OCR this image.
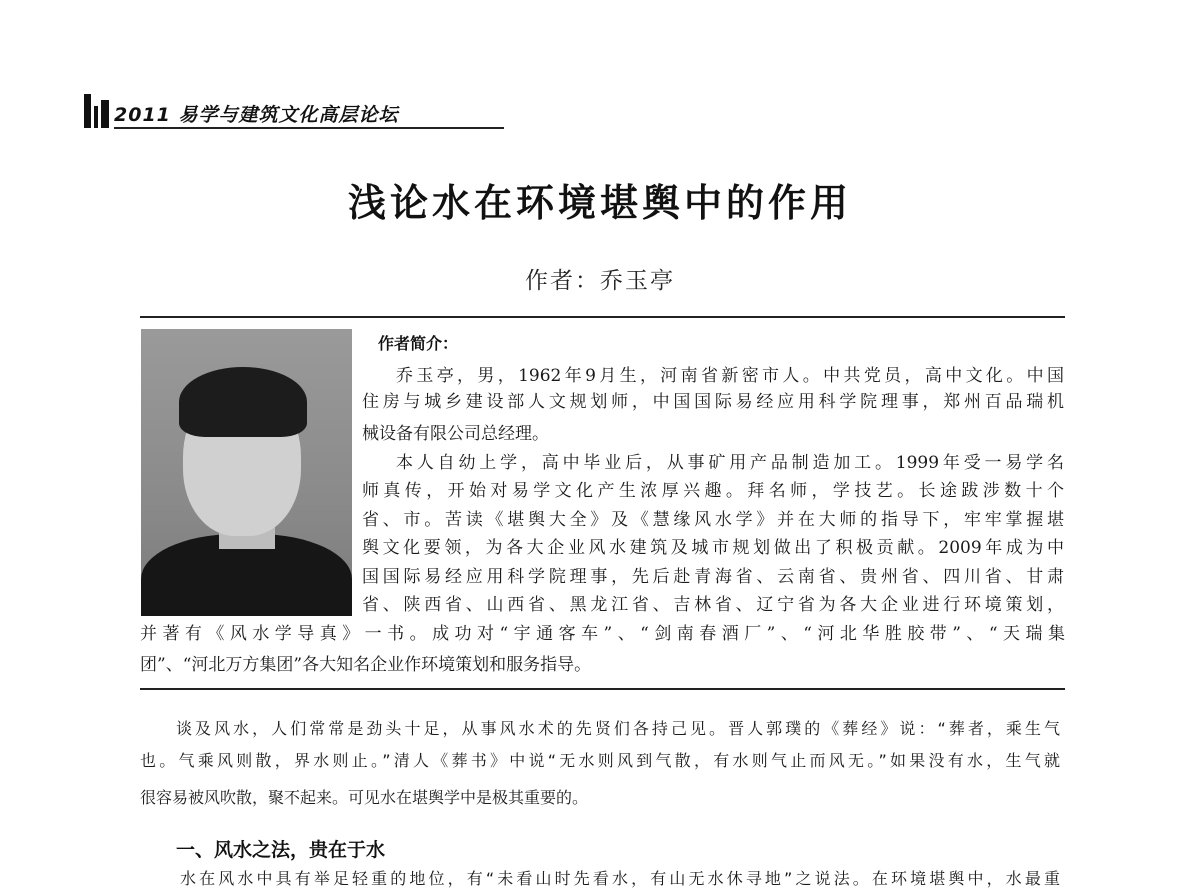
2011 易学与建筑文化高层论坛
浅论水在环境堪舆中的作用
作者：乔玉亭
作者简介：
乔玉亭，男，1962年9月生，河南省新密市人。中共党员，高中文化。中国
住房与城乡建设部人文规划师，中国国际易经应用科学院理事，郑州百品瑞机
械设备有限公司总经理。
本人自幼上学，高中毕业后，从事矿用产品制造加工。1999年受一易学名
师真传，开始对易学文化产生浓厚兴趣。拜名师，学技艺。长途跋涉数十个
省、市。苦读《堪舆大全》及《慧缘风水学》并在大师的指导下，牢牢掌握堪
舆文化要领，为各大企业风水建筑及城市规划做出了积极贡献。2009年成为中
国国际易经应用科学院理事，先后赴青海省、云南省、贵州省、四川省、甘肃
省、陕西省、山西省、黑龙江省、吉林省、辽宁省为各大企业进行环境策划，
并著有《风水学导真》一书。成功对“宇通客车”、“剑南春酒厂”、“河北华胜胶带”、“天瑞集
团”、“河北万方集团”各大知名企业作环境策划和服务指导。
谈及风水，人们常常是劲头十足，从事风水术的先贤们各持己见。晋人郭璞的《葬经》说：“葬者，乘生气
也。气乘风则散，界水则止。”清人《葬书》中说“无水则风到气散，有水则气止而风无。”如果没有水，生气就
很容易被风吹散，聚不起来。可见水在堪舆学中是极其重要的。
一、风水之法，贵在于水
水在风水中具有举足轻重的地位，有“未看山时先看水，有山无水休寻地”之说法。在环境堪舆中，水最重
